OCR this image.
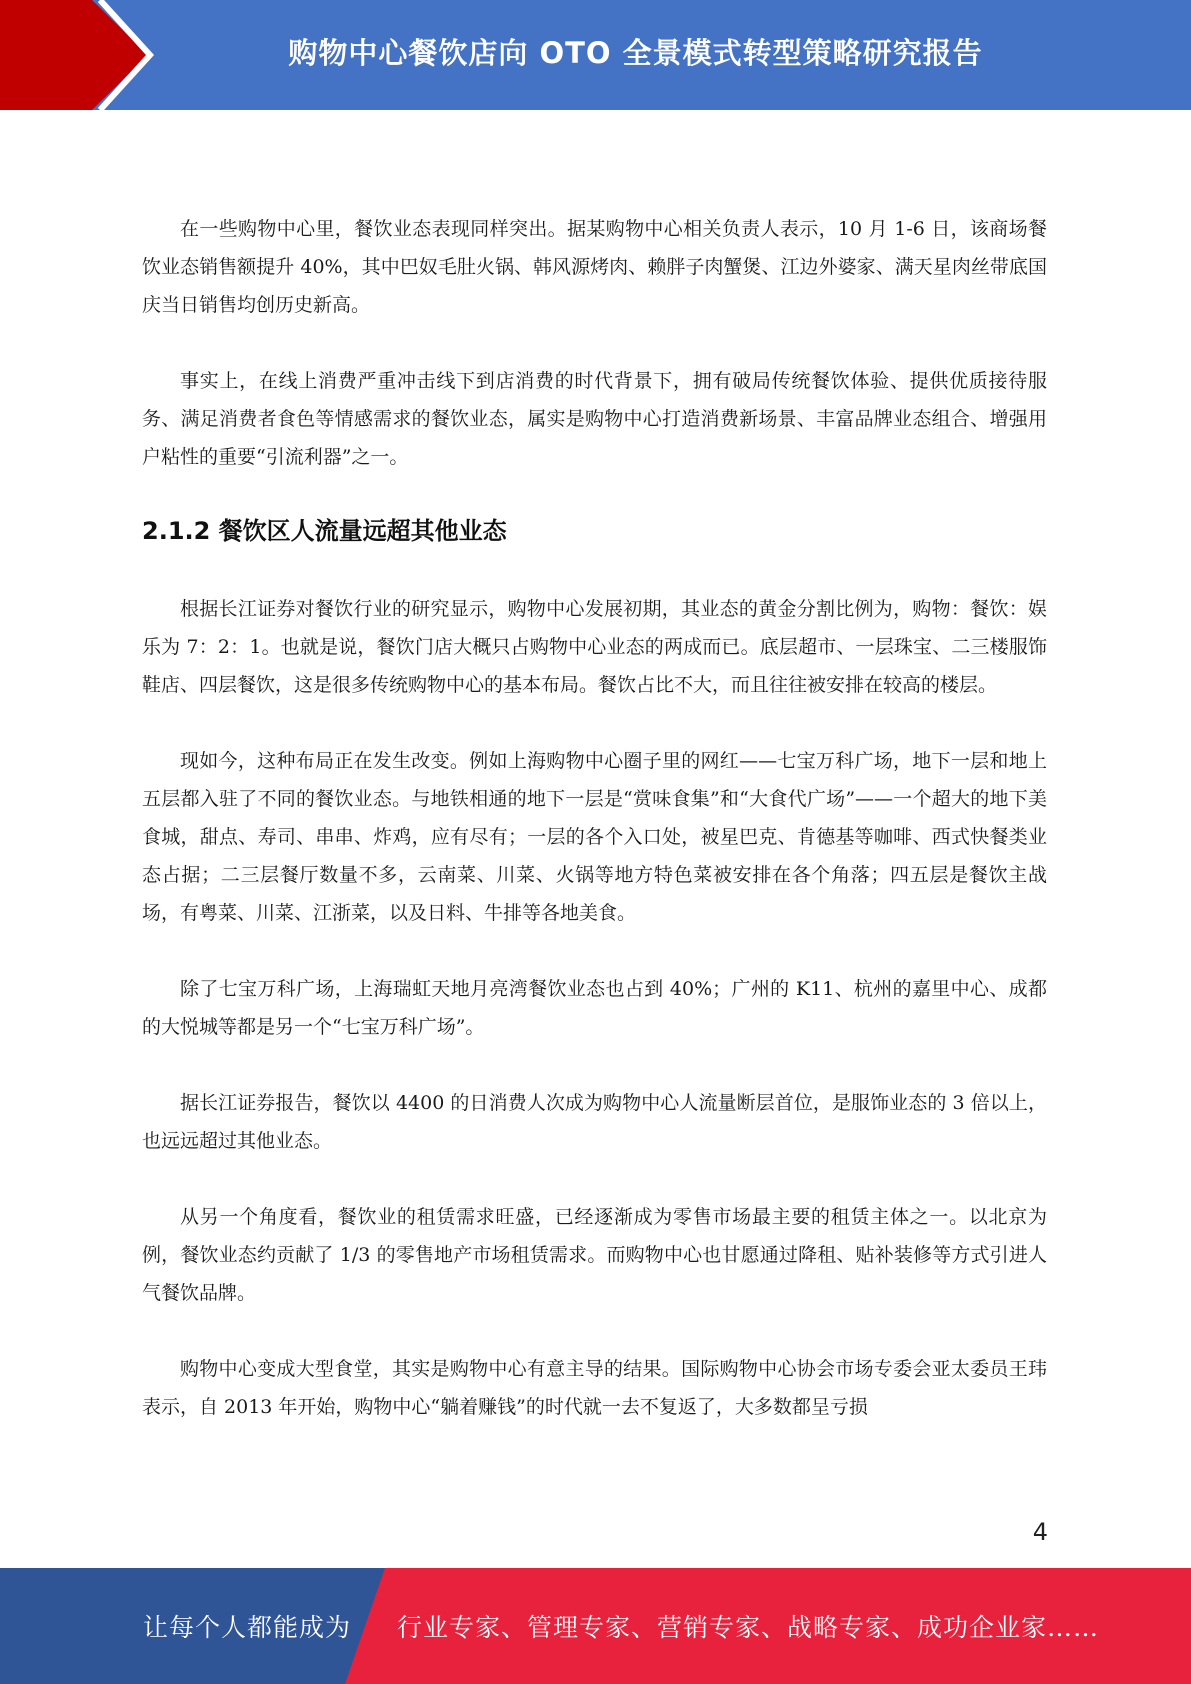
购物中心餐饮店向 OTO 全景模式转型策略研究报告

在一些购物中心里，餐饮业态表现同样突出。据某购物中心相关负责人表示，10 月 1-6 日，该商场餐饮业态销售额提升 40%，其中巴奴毛肚火锅、韩风源烤肉、赖胖子肉蟹煲、江边外婆家、满天星肉丝带底国庆当日销售均创历史新高。

事实上，在线上消费严重冲击线下到店消费的时代背景下，拥有破局传统餐饮体验、提供优质接待服务、满足消费者食色等情感需求的餐饮业态，属实是购物中心打造消费新场景、丰富品牌业态组合、增强用户粘性的重要“引流利器”之一。

2.1.2 餐饮区人流量远超其他业态

根据长江证券对餐饮行业的研究显示，购物中心发展初期，其业态的黄金分割比例为，购物：餐饮：娱乐为 7：2：1。也就是说，餐饮门店大概只占购物中心业态的两成而已。底层超市、一层珠宝、二三楼服饰鞋店、四层餐饮，这是很多传统购物中心的基本布局。餐饮占比不大，而且往往被安排在较高的楼层。

现如今，这种布局正在发生改变。例如上海购物中心圈子里的网红——七宝万科广场，地下一层和地上五层都入驻了不同的餐饮业态。与地铁相通的地下一层是“赏味食集”和“大食代广场”——一个超大的地下美食城，甜点、寿司、串串、炸鸡，应有尽有；一层的各个入口处，被星巴克、肯德基等咖啡、西式快餐类业态占据；二三层餐厅数量不多，云南菜、川菜、火锅等地方特色菜被安排在各个角落；四五层是餐饮主战场，有粤菜、川菜、江浙菜，以及日料、牛排等各地美食。

除了七宝万科广场，上海瑞虹天地月亮湾餐饮业态也占到 40%；广州的 K11、杭州的嘉里中心、成都的大悦城等都是另一个“七宝万科广场”。

据长江证券报告，餐饮以 4400 的日消费人次成为购物中心人流量断层首位，是服饰业态的 3 倍以上，也远远超过其他业态。

从另一个角度看，餐饮业的租赁需求旺盛，已经逐渐成为零售市场最主要的租赁主体之一。以北京为例，餐饮业态约贡献了 1/3 的零售地产市场租赁需求。而购物中心也甘愿通过降租、贴补装修等方式引进人气餐饮品牌。

购物中心变成大型食堂，其实是购物中心有意主导的结果。国际购物中心协会市场专委会亚太委员王玮表示，自 2013 年开始，购物中心“躺着赚钱”的时代就一去不复返了，大多数都呈亏损

4
让每个人都能成为 行业专家、管理专家、营销专家、战略专家、成功企业家……
